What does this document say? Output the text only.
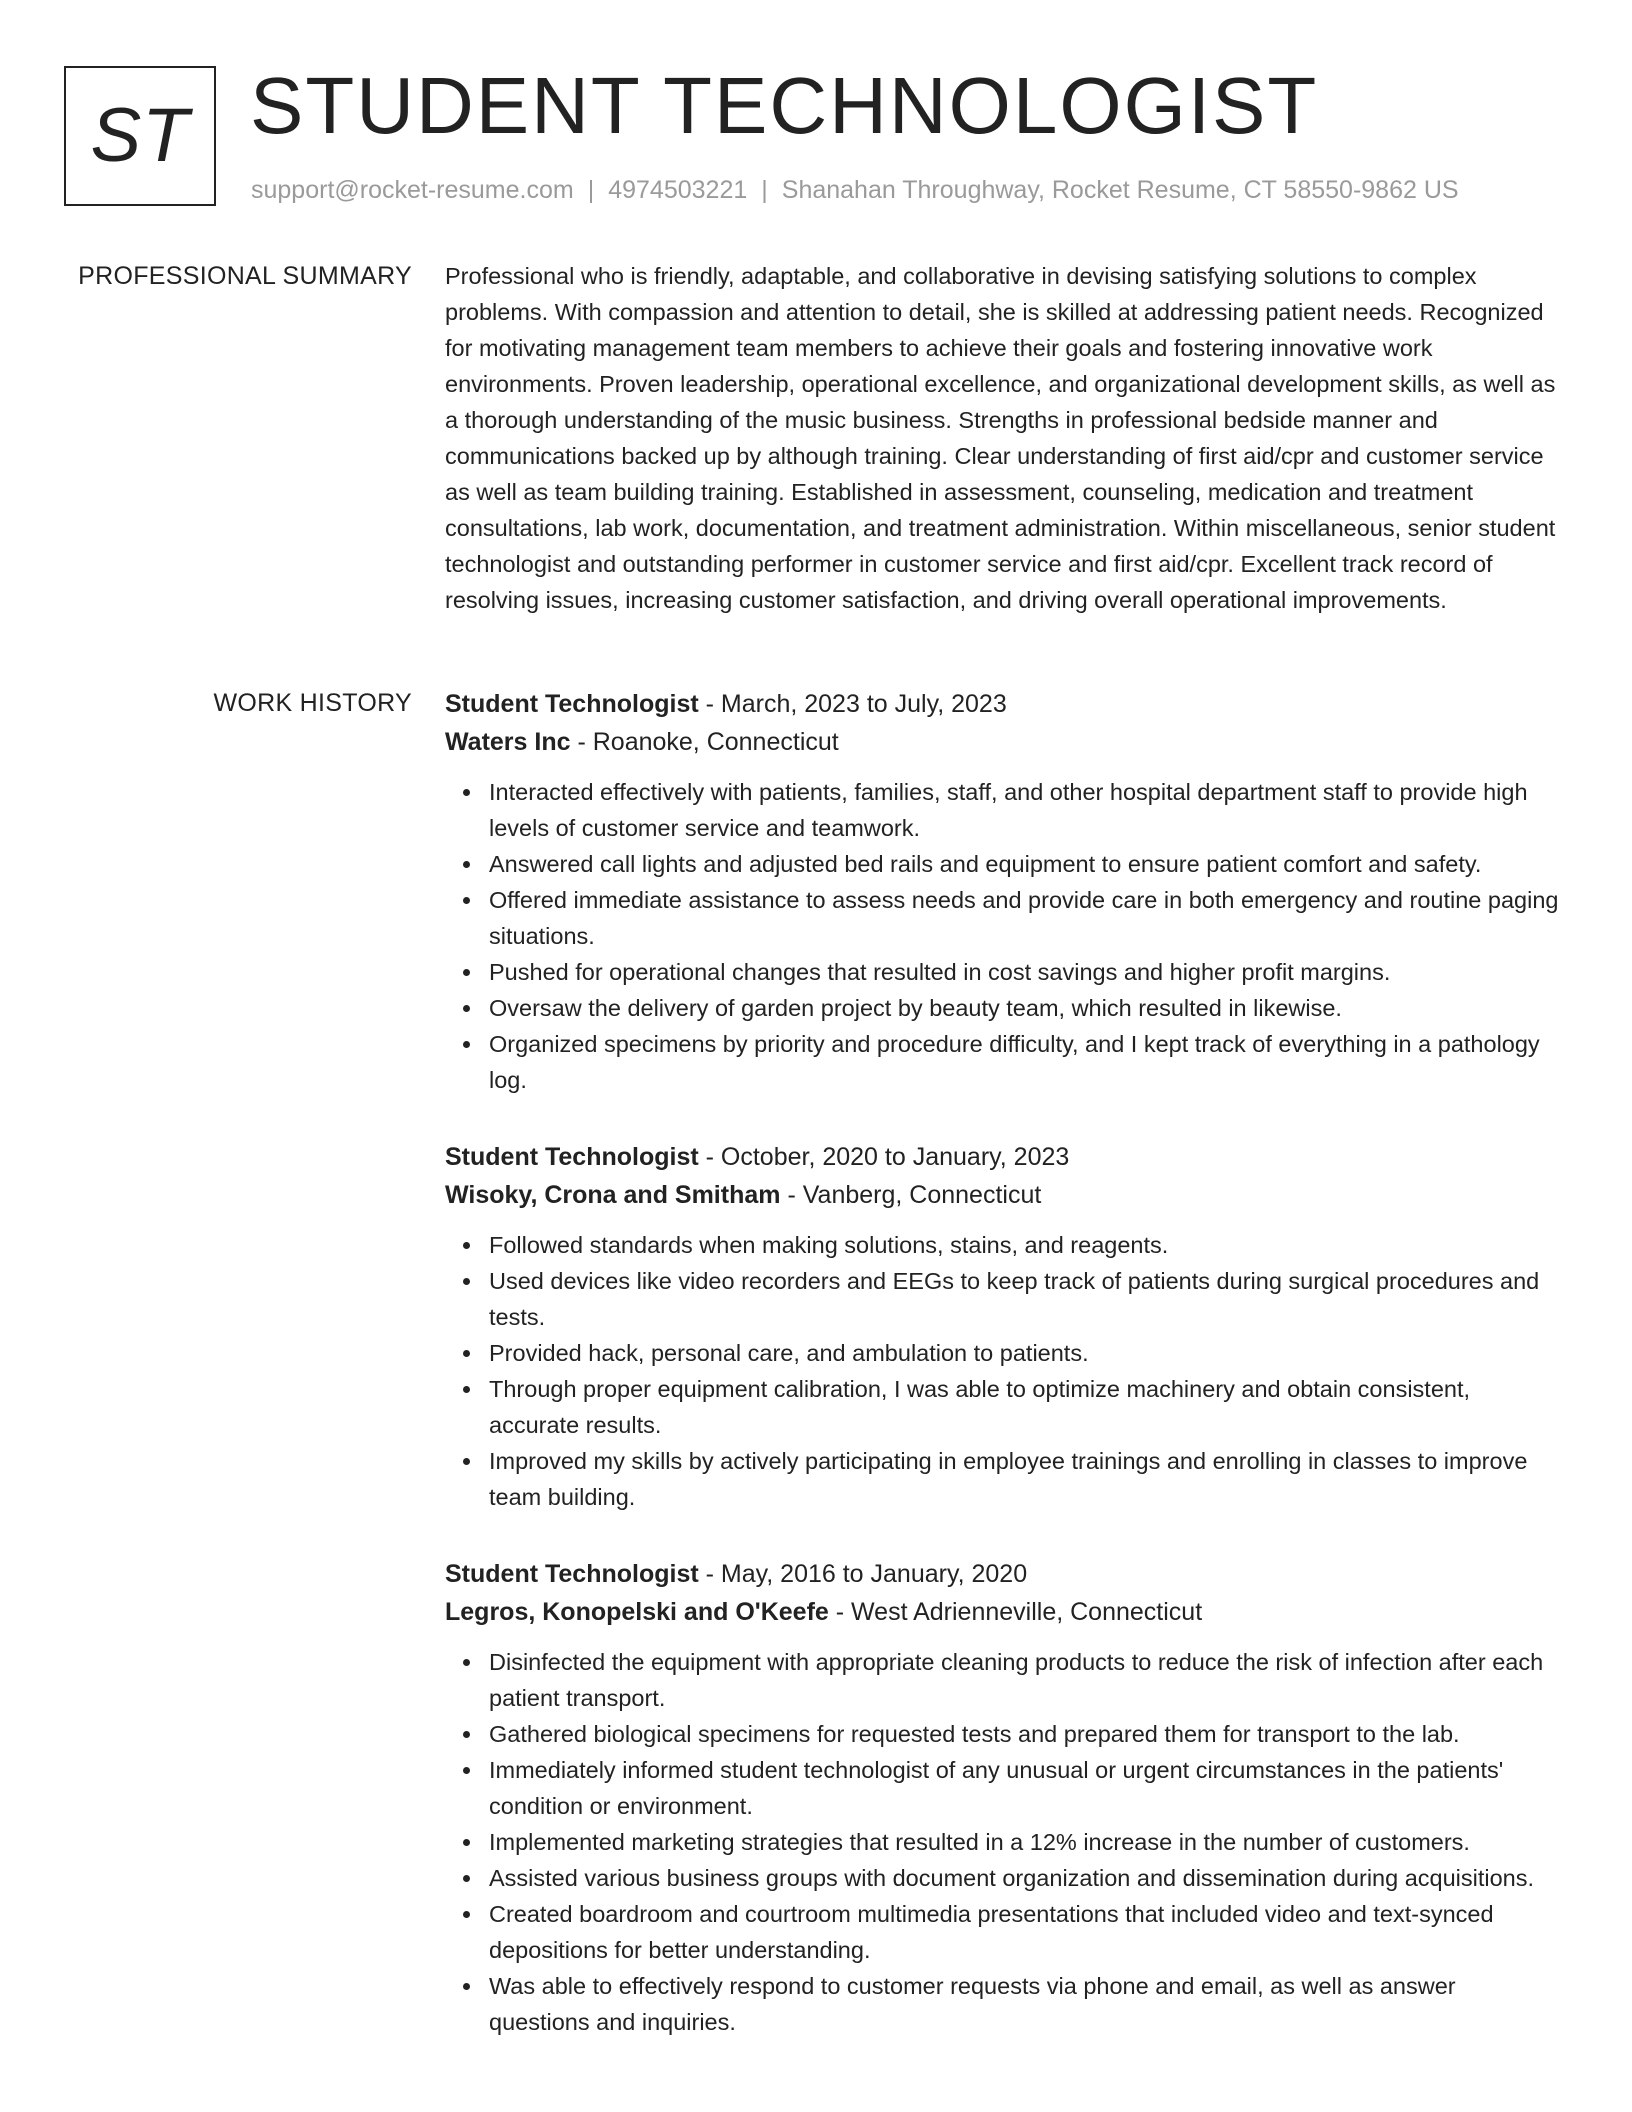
ST STUDENT TECHNOLOGIST
support@rocket-resume.com | 4974503221 | Shanahan Throughway, Rocket Resume, CT 58550-9862 US
PROFESSIONAL SUMMARY Professional who is friendly, adaptable, and collaborative in devising satisfying solutions to complex problems. With compassion and attention to detail, she is skilled at addressing patient needs. Recognized for motivating management team members to achieve their goals and fostering innovative work environments. Proven leadership, operational excellence, and organizational development skills, as well as a thorough understanding of the music business. Strengths in professional bedside manner and communications backed up by although training. Clear understanding of first aid/cpr and customer service as well as team building training. Established in assessment, counseling, medication and treatment consultations, lab work, documentation, and treatment administration. Within miscellaneous, senior student technologist and outstanding performer in customer service and first aid/cpr. Excellent track record of resolving issues, increasing customer satisfaction, and driving overall operational improvements.

WORK HISTORY Student Technologist - March, 2023 to July, 2023
Waters Inc - Roanoke, Connecticut
Interacted effectively with patients, families, staff, and other hospital department staff to provide high levels of customer service and teamwork.
Answered call lights and adjusted bed rails and equipment to ensure patient comfort and safety.
Offered immediate assistance to assess needs and provide care in both emergency and routine paging situations.
Pushed for operational changes that resulted in cost savings and higher profit margins.
Oversaw the delivery of garden project by beauty team, which resulted in likewise.
Organized specimens by priority and procedure difficulty, and I kept track of everything in a pathology log.
Student Technologist - October, 2020 to January, 2023
Wisoky, Crona and Smitham - Vanberg, Connecticut
Followed standards when making solutions, stains, and reagents.
Used devices like video recorders and EEGs to keep track of patients during surgical procedures and tests.
Provided hack, personal care, and ambulation to patients.
Through proper equipment calibration, I was able to optimize machinery and obtain consistent, accurate results.
Improved my skills by actively participating in employee trainings and enrolling in classes to improve team building.
Student Technologist - May, 2016 to January, 2020
Legros, Konopelski and O'Keefe - West Adrienneville, Connecticut
Disinfected the equipment with appropriate cleaning products to reduce the risk of infection after each patient transport.
Gathered biological specimens for requested tests and prepared them for transport to the lab.
Immediately informed student technologist of any unusual or urgent circumstances in the patients' condition or environment.
Implemented marketing strategies that resulted in a 12% increase in the number of customers.
Assisted various business groups with document organization and dissemination during acquisitions.
Created boardroom and courtroom multimedia presentations that included video and text-synced depositions for better understanding.
Was able to effectively respond to customer requests via phone and email, as well as answer questions and inquiries.
